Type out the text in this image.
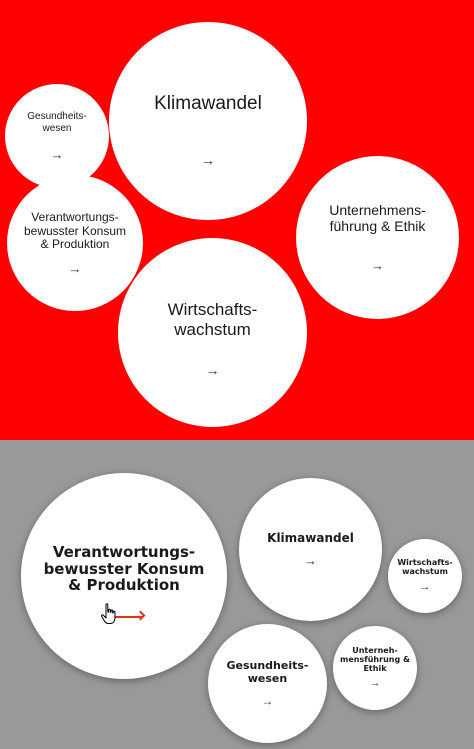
Gesundheits-
wesen
→
Klimawandel
→
Verantwortungs-
bewusster Konsum
& Produktion
→
Unternehmens-
führung & Ethik
→
Wirtschafts-
wachstum
→
Verantwortungs-
bewusster Konsum
& Produktion
Klimawandel
→	Wirtschafts-
wachstum
→
Gesundheits-
wesen
→
Unterneh-
mensführung &
Ethik
→
